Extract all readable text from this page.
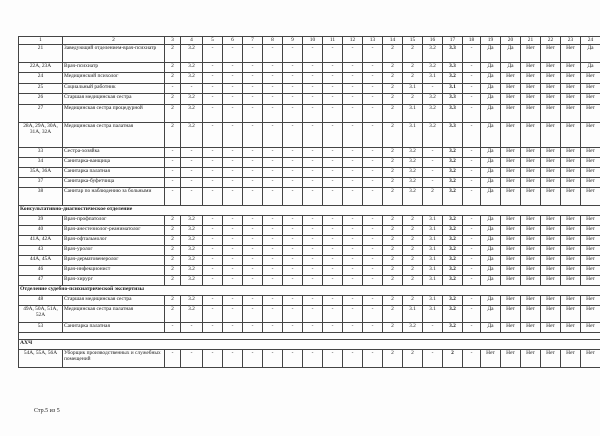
1	2	3	4	5	6	7	8	9	10	11	12	13	14	15	16	17	18	19	20	21	22	23	24
21	Заведующий отделением-врач-психиатр	2	3.2	-	-	-	-	-	-	-	-	-	2	2	3.2	3.3	-	Да	Да	Нет	Нет	Нет	Да
22А, 23А	Врач-психиатр	2	3.2	-	-	-	-	-	-	-	-	-	2	2	3.2	3.3	-	Да	Да	Нет	Нет	Нет	Да
24	Медицинский психолог	2	3.2	-	-	-	-	-	-	-	-	-	2	2	3.1	3.2	-	Да	Нет	Нет	Нет	Нет	Нет
25	Социальный работник	-	-	-	-	-	-	-	-	-	-	-	2	3.1	-	3.1	-	Да	Нет	Нет	Нет	Нет	Нет
26	Старшая медицинская сестра	2	3.2	-	-	-	-	-	-	-	-	-	2	2	3.2	3.3	-	Да	Нет	Нет	Нет	Нет	Нет
27	Медицинская сестра процедурной	2	3.2	-	-	-	-	-	-	-	-	-	2	3.1	3.2	3.3	-	Да	Нет	Нет	Нет	Нет	Нет
28А, 29А, 30А, 31А, 32А	Медицинская сестра палатная	2	3.2	-	-	-	-	-	-	-	-	-	2	3.1	3.2	3.3	-	Да	Нет	Нет	Нет	Нет	Нет
33	Сестра-хозяйка	-	-	-	-	-	-	-	-	-	-	-	2	3.2	-	3.2	-	Да	Нет	Нет	Нет	Нет	Нет
34	Санитарка-ванщица	-	-	-	-	-	-	-	-	-	-	-	2	3.2	-	3.2	-	Да	Нет	Нет	Нет	Нет	Нет
35А, 36А	Санитарка палатная	-	-	-	-	-	-	-	-	-	-	-	2	3.2	-	3.2	-	Да	Нет	Нет	Нет	Нет	Нет
37	Санитарка-буфетчица	-	-	-	-	-	-	-	-	-	-	-	2	3.2	-	3.2	-	Да	Нет	Нет	Нет	Нет	Нет
38	Санитар по наблюдению за больными	-	-	-	-	-	-	-	-	-	-	-	2	3.2	2	3.2	-	Да	Нет	Нет	Нет	Нет	Нет
Консультативно-диагностическое отделение																							
39	Врач-профпатолог	2	3.2	-	-	-	-	-	-	-	-	-	2	2	3.1	3.2	-	Да	Нет	Нет	Нет	Нет	Нет
40	Врач-анестезиолог-реаниматолог	2	3.2	-	-	-	-	-	-	-	-	-	2	2	3.1	3.2	-	Да	Нет	Нет	Нет	Нет	Нет
41А, 42А	Врач-офтальмолог	2	3.2	-	-	-	-	-	-	-	-	-	2	2	3.1	3.2	-	Да	Нет	Нет	Нет	Нет	Нет
43	Врач-уролог	2	3.2	-	-	-	-	-	-	-	-	-	2	2	3.1	3.2	-	Да	Нет	Нет	Нет	Нет	Нет
44А, 45А	Врач-дерматовенеролог	2	3.2	-	-	-	-	-	-	-	-	-	2	2	3.1	3.2	-	Да	Нет	Нет	Нет	Нет	Нет
46	Врач-инфекционист	2	3.2	-	-	-	-	-	-	-	-	-	2	2	3.1	3.2	-	Да	Нет	Нет	Нет	Нет	Нет
47	Врач-хирург	2	3.2	-	-	-	-	-	-	-	-	-	2	2	3.1	3.2	-	Да	Нет	Нет	Нет	Нет	Нет
Отделение судебно-психиатрической экспертизы																							
48	Старшая медицинская сестра	2	3.2	-	-	-	-	-	-	-	-	-	2	2	3.1	3.2	-	Да	Нет	Нет	Нет	Нет	Нет
49А, 50А, 51А, 52А	Медицинская сестра палатная	2	3.2	-	-	-	-	-	-	-	-	-	2	3.1	3.1	3.2	-	Да	Нет	Нет	Нет	Нет	Нет
53	Санитарка палатная	-	-	-	-	-	-	-	-	-	-	-	2	3.2	-	3.2	-	Да	Нет	Нет	Нет	Нет	Нет

АХЧ																							
54А, 55А, 56А	Уборщик производственных и служебных помещений	-	-	-	-	-	-	-	-	-	-	-	2	2	-	2	-	Нет	Нет	Нет	Нет	Нет	Нет
Стр.5 из 5
